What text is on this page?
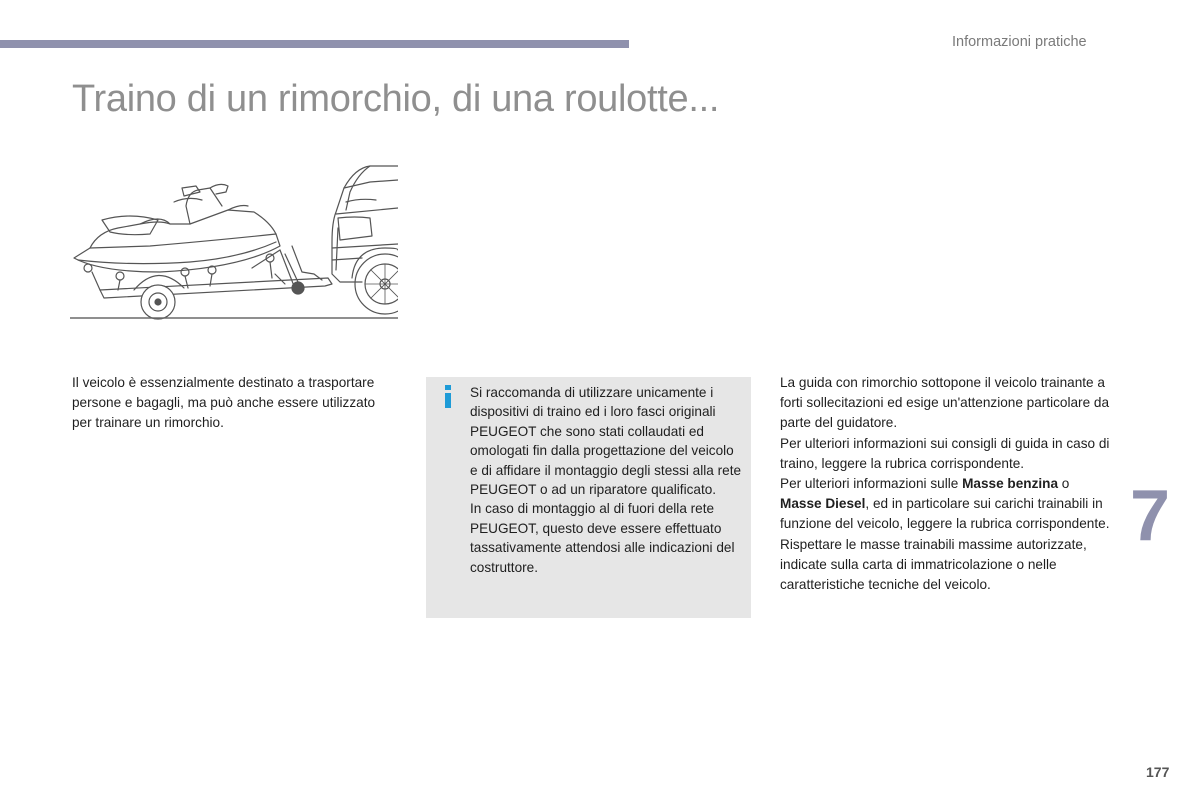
Informazioni pratiche
Traino di un rimorchio, di una roulotte...
Il veicolo è essenzialmente destinato a trasportare persone e bagagli, ma può anche essere utilizzato per trainare un rimorchio.

Si raccomanda di utilizzare unicamente i dispositivi di traino ed i loro fasci originali PEUGEOT che sono stati collaudati ed omologati fin dalla progettazione del veicolo e di affidare il montaggio degli stessi alla rete PEUGEOT o ad un riparatore qualificato.

In caso di montaggio al di fuori della rete PEUGEOT, questo deve essere effettuato tassativamente attendosi alle indicazioni del costruttore.

La guida con rimorchio sottopone il veicolo trainante a forti sollecitazioni ed esige un'attenzione particolare da parte del guidatore.

Per ulteriori informazioni sui consigli di guida in caso di traino, leggere la rubrica corrispondente.

Per ulteriori informazioni sulle Masse benzina o Masse Diesel, ed in particolare sui carichi trainabili in funzione del veicolo, leggere la rubrica corrispondente.

Rispettare le masse trainabili massime autorizzate, indicate sulla carta di immatricolazione o nelle caratteristiche tecniche del veicolo.

7
177
